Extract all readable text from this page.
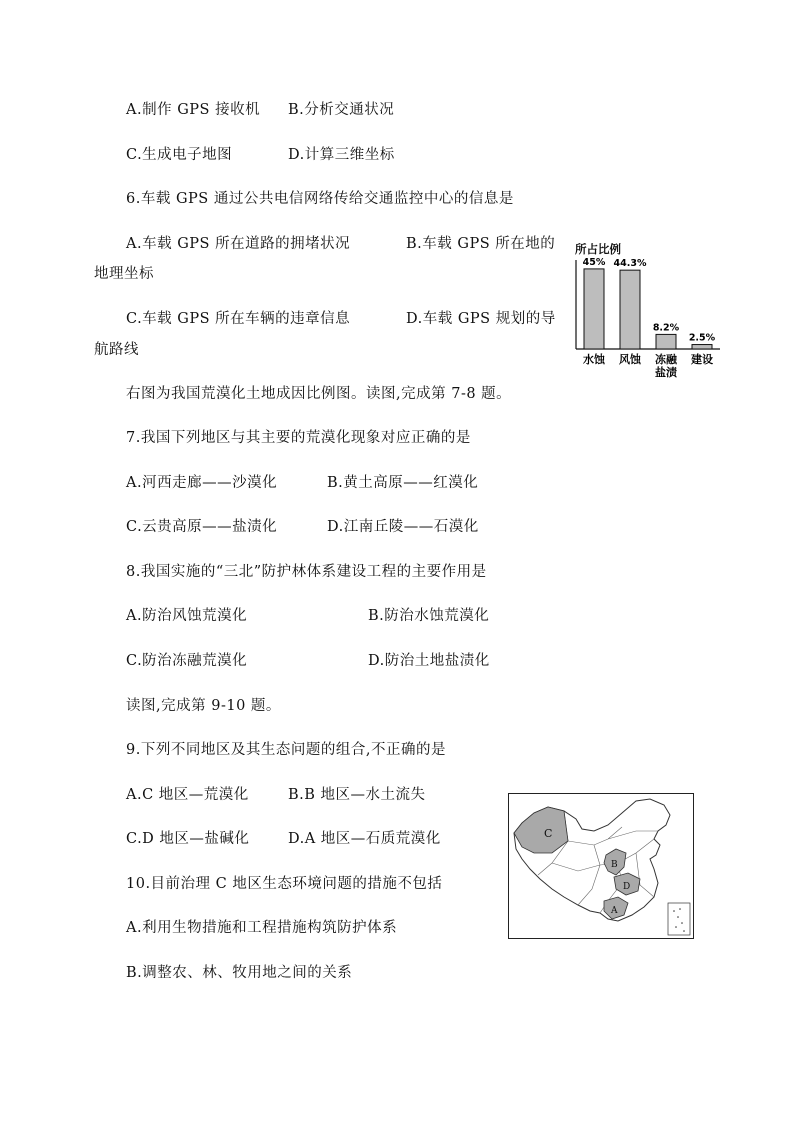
A.制作 GPS 接收机 B.分析交通状况
C.生成电子地图	D.计算三维坐标
6.车载 GPS 通过公共电信网络传给交通监控中心的信息是
A.车载 GPS 所在道路的拥堵状况	B.车载 GPS 所在地的
地理坐标
C.车载 GPS 所在车辆的违章信息	D.车载 GPS 规划的导
航路线
右图为我国荒漠化土地成因比例图。读图,完成第 7-8 题。
7.我国下列地区与其主要的荒漠化现象对应正确的是
A.河西走廊——沙漠化	B.黄土高原——红漠化
C.云贵高原——盐渍化	D.江南丘陵——石漠化
8.我国实施的“三北”防护林体系建设工程的主要作用是
A.防治风蚀荒漠化	B.防治水蚀荒漠化
C.防治冻融荒漠化	D.防治土地盐渍化
读图,完成第 9-10 题。
9.下列不同地区及其生态问题的组合,不正确的是
A.C 地区—荒漠化	B.B 地区—水土流失
C.D 地区—盐碱化	D.A 地区—石质荒漠化
10.目前治理 C 地区生态环境问题的措施不包括
A.利用生物措施和工程措施构筑防护体系
B.调整农、林、牧用地之间的关系
所占比例
45%
水蚀
44.3%
风蚀
8.2%
冻融
盐渍
2.5%
建设
C
B
D
A
